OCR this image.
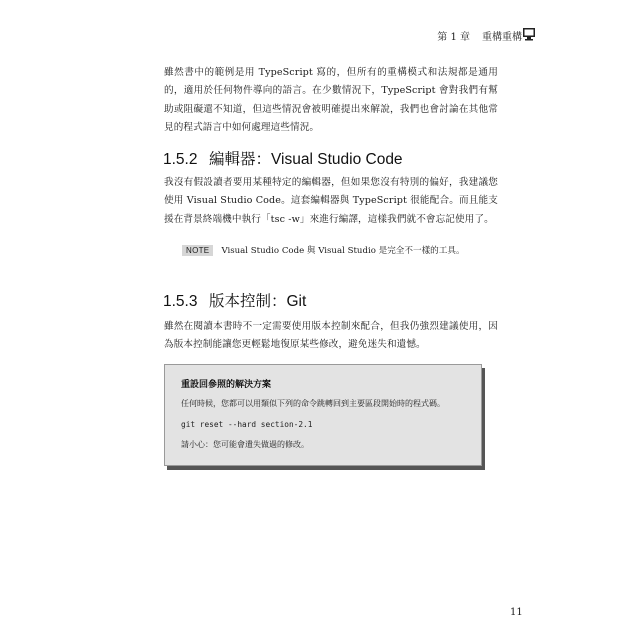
第 1 章 重構重構

雖然書中的範例是用 TypeScript 寫的，但所有的重構模式和法規都是通用的，適用於任何物件導向的語言。在少數情況下，TypeScript 會對我們有幫助或阻礙還不知道，但這些情況會被明確提出來解說，我們也會討論在其他常見的程式語言中如何處理這些情況。

1.5.2 編輯器：Visual Studio Code

我沒有假設讀者要用某種特定的編輯器，但如果您沒有特別的偏好，我建議您使用 Visual Studio Code。這套編輯器與 TypeScript 很能配合。而且能支援在背景終端機中執行「tsc -w」來進行編譯，這樣我們就不會忘記使用了。

NOTE	Visual Studio Code 與 Visual Studio 是完全不一樣的工具。
1.5.3 版本控制：Git

雖然在閱讀本書時不一定需要使用版本控制來配合，但我仍強烈建議使用，因為版本控制能讓您更輕鬆地復原某些修改，避免迷失和遺憾。

重設回參照的解決方案
任何時候，您都可以用類似下列的命令跳轉回到主要區段開始時的程式碼。
git reset --hard section-2.1
請小心：您可能會遺失做過的修改。
11
